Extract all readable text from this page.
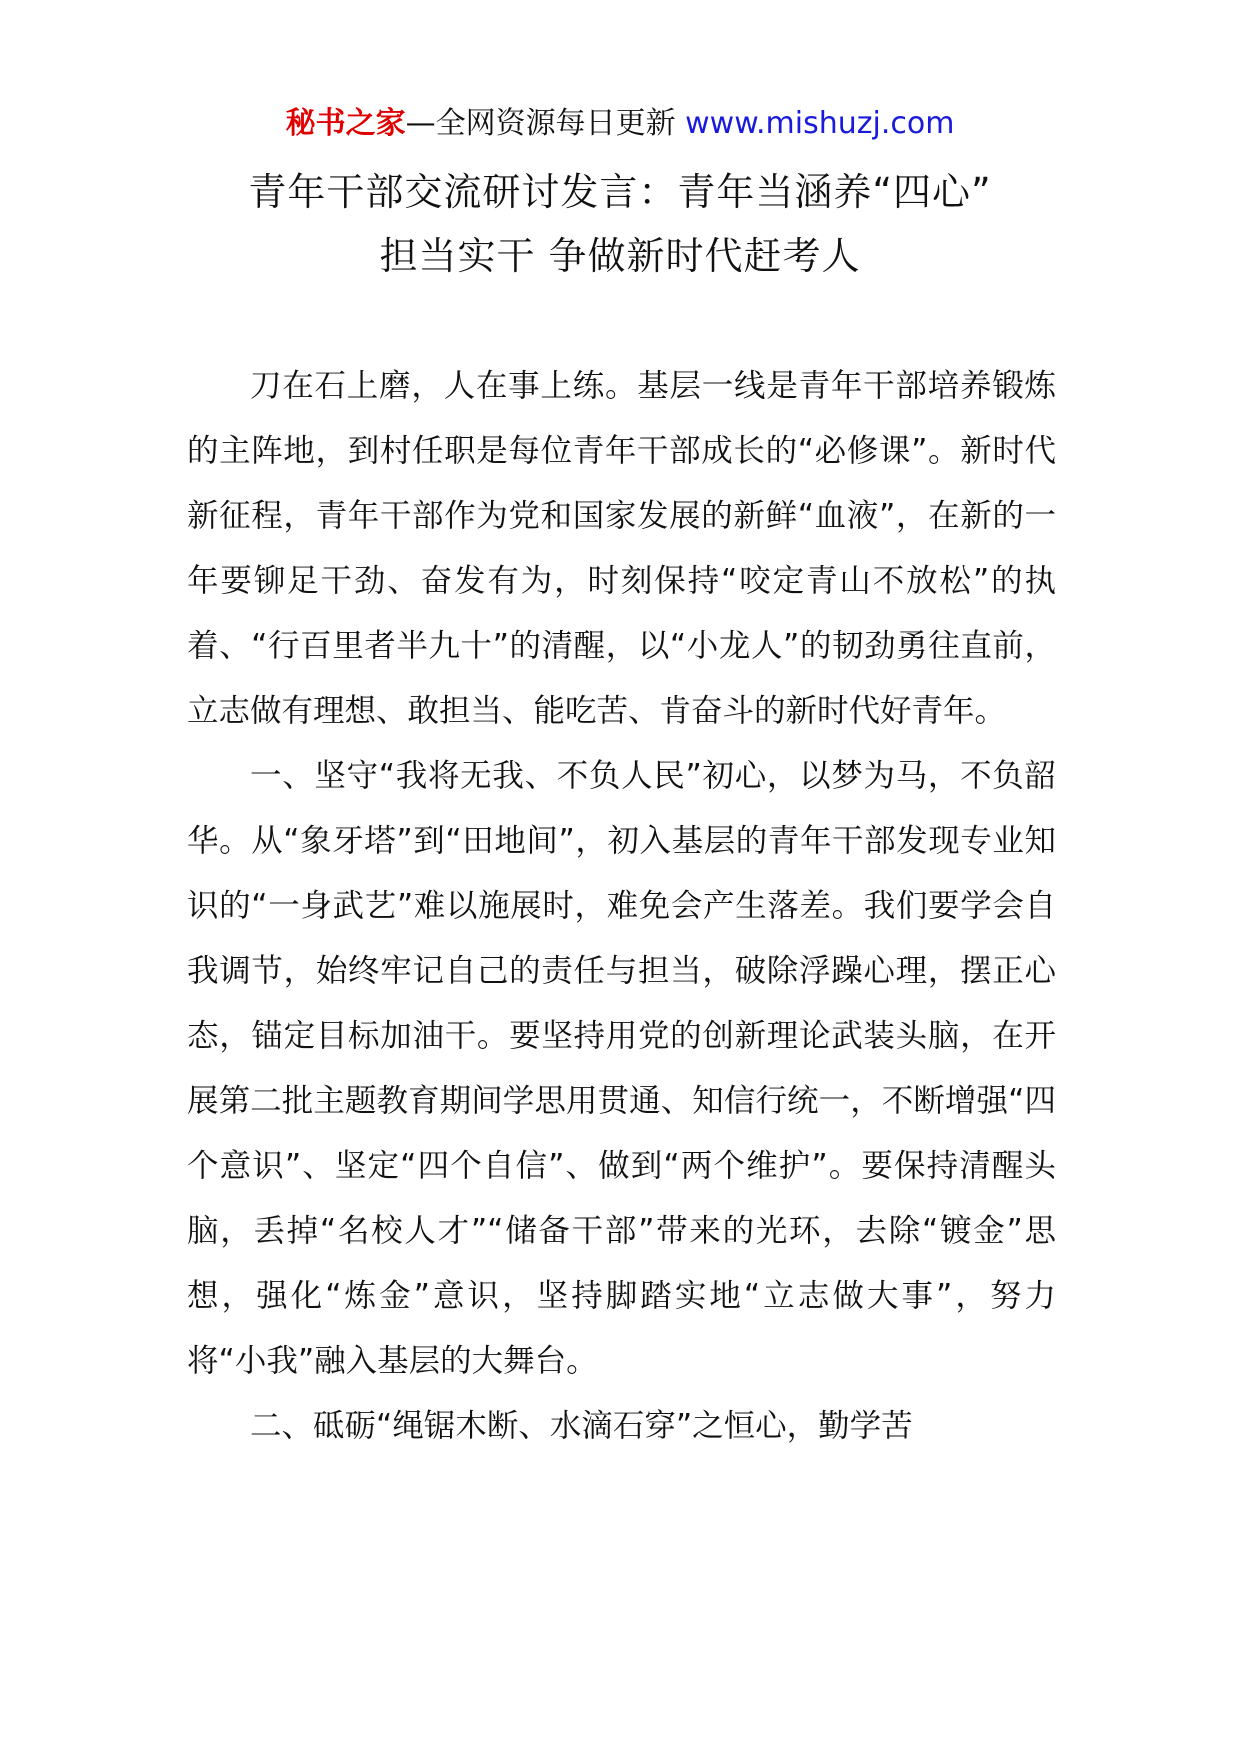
秘书之家—全网资源每日更新 www.mishuzj.com
青年干部交流研讨发言：青年当涵养“四心”
担当实干 争做新时代赶考人

刀在石上磨，人在事上练。基层一线是青年干部培养锻炼的主阵地，到村任职是每位青年干部成长的“必修课”。新时代新征程，青年干部作为党和国家发展的新鲜“血液”，在新的一年要铆足干劲、奋发有为，时刻保持“咬定青山不放松”的执着、“行百里者半九十”的清醒，以“小龙人”的韧劲勇往直前，立志做有理想、敢担当、能吃苦、肯奋斗的新时代好青年。

一、坚守“我将无我、不负人民”初心，以梦为马，不负韶华。从“象牙塔”到“田地间”，初入基层的青年干部发现专业知识的“一身武艺”难以施展时，难免会产生落差。我们要学会自我调节，始终牢记自己的责任与担当，破除浮躁心理，摆正心态，锚定目标加油干。要坚持用党的创新理论武装头脑，在开展第二批主题教育期间学思用贯通、知信行统一，不断增强“四个意识”、坚定“四个自信”、做到“两个维护”。要保持清醒头脑，丢掉“名校人才”“储备干部”带来的光环，去除“镀金”思想，强化“炼金”意识，坚持脚踏实地“立志做大事”，努力将“小我”融入基层的大舞台。

二、砥砺“绳锯木断、水滴石穿”之恒心，勤学苦
